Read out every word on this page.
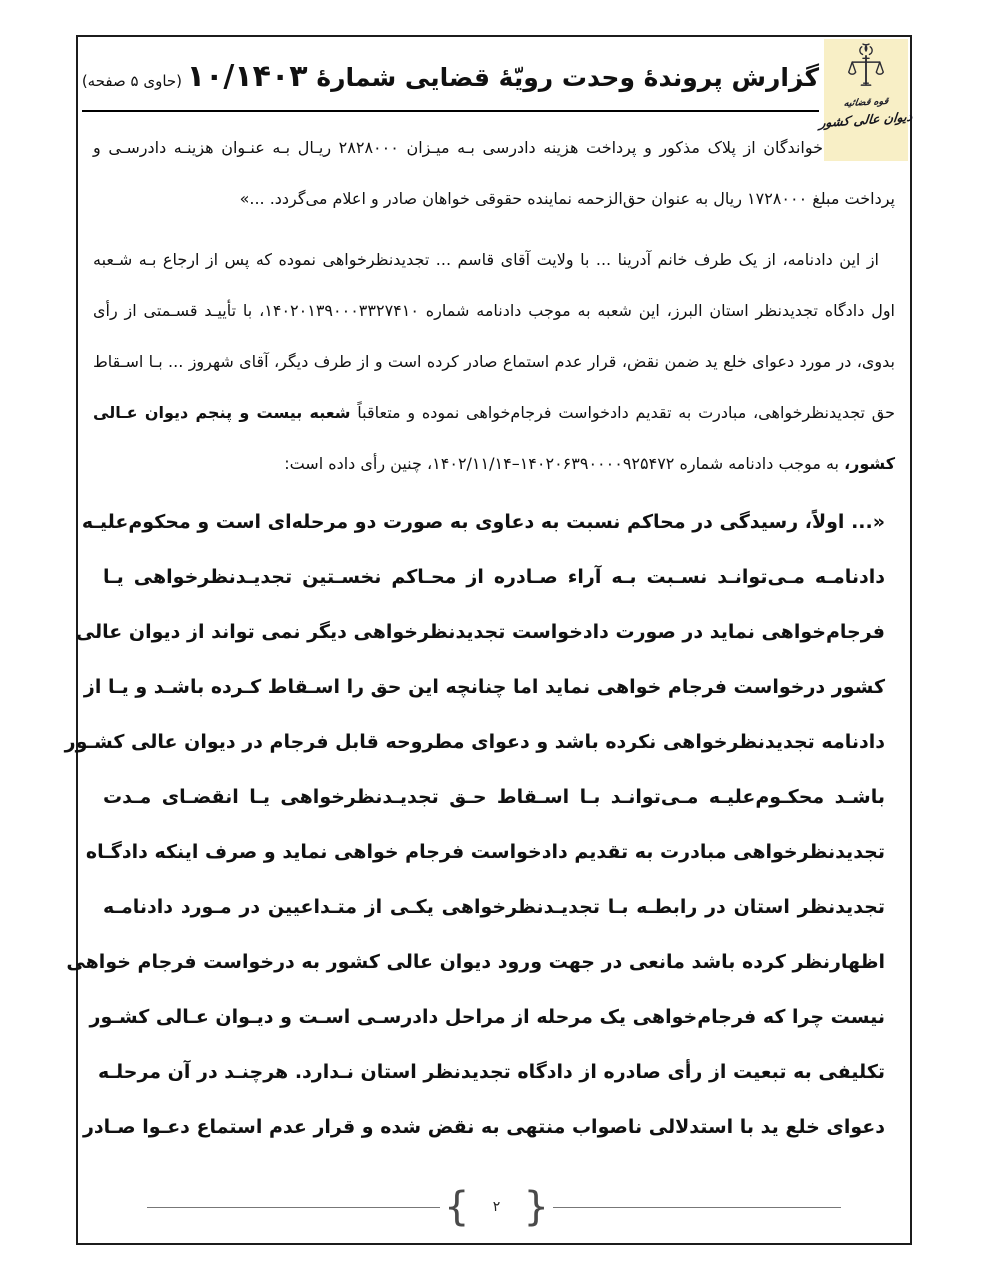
قوه قضائیه
دیوان عالی کشور
گزارش پروندهٔ وحدت رویّهٔ قضایی شمارهٔ ۱۰/۱۴۰۳ (حاوی ۵ صفحه)
خواندگان از پلاک مذکور و پرداخت هزینه دادرسی بـه میـزان ۲۸۲۸۰۰۰ ریـال بـه عنـوان هزینـه دادرسـی و
پرداخت مبلغ ۱۷۲۸۰۰۰ ریال به عنوان حق‌الزحمه نماینده حقوقی خواهان صادر و اعلام می‌گردد. ...»
از این دادنامه، از یک طرف خانم آدرینا ... با ولایت آقای قاسم ... تجدیدنظرخواهی نموده که پس از ارجاع بـه شـعبه
اول دادگاه تجدیدنظر استان البرز، این شعبه به موجب دادنامه شماره ۱۴۰۲۰۱۳۹۰۰۰۳۳۲۷۴۱۰، با تأییـد قسـمتی از رأی
بدوی، در مورد دعوای خلع ید ضمن نقض، قرار عدم استماع صادر کرده است و از طرف دیگر، آقای شهروز ... بـا اسـقاط
حق تجدیدنظرخواهی، مبادرت به تقدیم دادخواست فرجام‌خواهی نموده و متعاقباً شعبه بیست و پنجم دیوان عـالی
کشور، به موجب دادنامه شماره ۱۴۰۲۰۶۳۹۰۰۰۰۹۲۵۴۷۲–۱۴۰۲/۱۱/۱۴، چنین رأی داده است:
«... اولاً، رسیدگی در محاکم نسبت به دعاوی به صورت دو مرحله‌ای است و محکوم‌علیـه
دادنامـه مـی‌توانـد نسـبت بـه آراء صـادره از محـاکم نخسـتین تجدیـدنظرخواهی یـا
فرجام‌خواهی نماید در صورت دادخواست تجدیدنظرخواهی دیگر نمی تواند از دیوان عالی
کشور درخواست فرجام خواهی نماید اما چنانچه این حق را اسـقاط کـرده باشـد و یـا از
دادنامه تجدیدنظرخواهی نکرده باشد و دعوای مطروحه قابل فرجام در دیوان عالی کشـور
باشـد محکـوم‌علیـه مـی‌توانـد بـا اسـقاط حـق تجدیـدنظرخواهی یـا انقضـای مـدت
تجدیدنظرخواهی مبادرت به تقدیم دادخواست فرجام خواهی نماید و صرف اینکه دادگـاه
تجدیدنظر استان در رابطـه بـا تجدیـدنظرخواهی یکـی از متـداعیین در مـورد دادنامـه
اظهارنظر کرده باشد مانعی در جهت ورود دیوان عالی کشور به درخواست فرجام خواهی
نیست چرا که فرجام‌خواهی یک مرحله از مراحل دادرسـی اسـت و دیـوان عـالی کشـور
تکلیفی به تبعیت از رأی صادره از دادگاه تجدیدنظر استان نـدارد. هرچنـد در آن مرحلـه
دعوای خلع ید با استدلالی ناصواب منتهی به نقض شده و قرار عدم استماع دعـوا صـادر
{	۲ }
